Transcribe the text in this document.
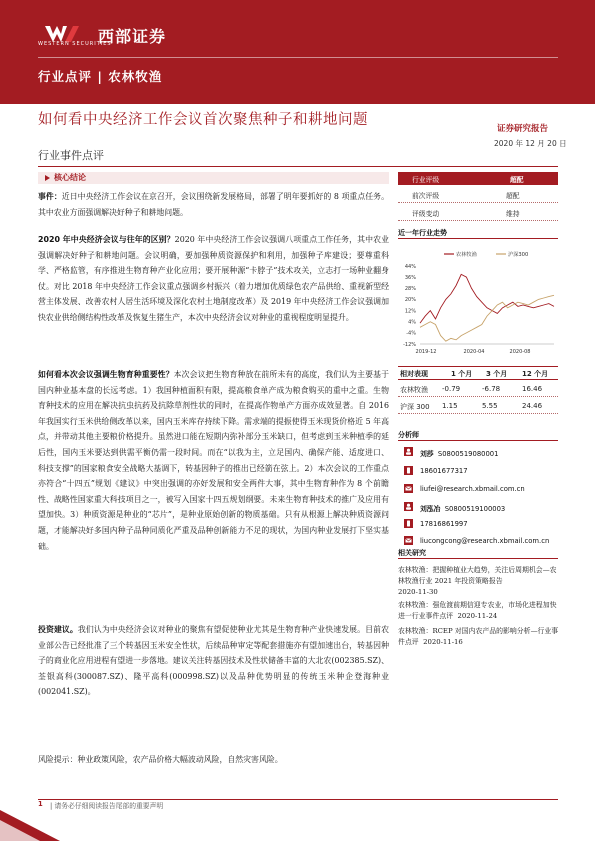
WESTERN SECURITIES
西部证券
行业点评 | 农林牧渔
如何看中央经济工作会议首次聚焦种子和耕地问题
证券研究报告
2020 年 12 月 20 日
行业事件点评
核心结论
事件：近日中央经济工作会议在京召开，会议围绕新发展格局，部署了明年要抓好的 8 项重点任务。其中农业方面强调解决好种子和耕地问题。
2020 年中央经济会议与往年的区别？2020 年中央经济工作会议强调八项重点工作任务，其中农业强调解决好种子和耕地问题。会议明确，要加强种质资源保护和利用，加强种子库建设；要尊重科学、严格监管，有序推进生物育种产业化应用；要开展种源“卡脖子”技术攻关，立志打一场种业翻身仗。对比 2018 年中央经济工作会议重点强调乡村振兴（着力增加优质绿色农产品供给、重视新型经营主体发展、改善农村人居生活环境及深化农村土地制度改革）及 2019 年中央经济工作会议强调加快农业供给侧结构性改革及恢复生猪生产，本次中央经济会议对种业的重视程度明显提升。
如何看本次会议强调生物育种重要性？本次会议把生物育种放在前所未有的高度，我们认为主要基于国内种业基本盘的长远考虑。1）我国种植面积有限，提高粮食单产成为粮食购买的重中之重。生物育种技术的应用在解决抗虫抗药及抗除草剂性状的同时，在提高作物单产方面亦成效显著。自 2016 年我国实行玉米供给侧改革以来，国内玉米库存持续下降。需求端的提振使得玉米现货价格近 5 年高点，并带动其他主要粮价格提升。虽然进口能在短期内弥补部分玉米缺口，但考虑到玉米种植季的延后性，国内玉米要达到供需平衡仍需一段时间。而在“以我为主，立足国内、确保产能、适度进口、科技支撑”的国家粮食安全战略大基调下，转基因种子的推出已经箭在弦上。2）本次会议的工作重点亦符合“十四五”规划《建议》中突出强调的亦好发展和安全两件大事，其中生物育种作为 8 个前瞻性、战略性国家重大科技项目之一，被写入国家十四五规划纲要。未来生物育种技术的推广及应用有望加快。3）种质资源是种业的“芯片”，是种业原始创新的物质基础。只有从根源上解决种质资源问题，才能解决好多国内种子品种同质化严重及品种创新能力不足的现状，为国内种业发展打下坚实基础。
投资建议。我们认为中央经济会议对种业的聚焦有望促使种业尤其是生物育种产业快速发展。目前农业部公告已经批准了三个转基因玉米安全性状，后续品种审定等配套措施亦有望加速出台，转基因种子的商业化应用进程有望进一步落地。建议关注转基因技术及性状储备丰富的大北农(002385.SZ)、荃银高科(300087.SZ)、隆平高科(000998.SZ)以及品种优势明显的传统玉米种企登海种业(002041.SZ)。
风险提示：种业政策风险，农产品价格大幅波动风险，自然灾害风险。
行业评级	超配
前次评级	超配
评级变动	维持
近一年行业走势
44%
36%
28%
20%
12%
4%
-4%
-12%
2019-12	2020-04	2020-08
农林牧渔	沪深300
相对表现	1 个月 3 个月 12 个月
农林牧渔 -0.79	-6.78	16.46
沪深 300 1.15	5.55	24.46
分析师
刘莎 S0800519080001
18601677317
liufei@research.xbmail.com.cn
刘泓冶 S0800519100003
17816861997
liucongcong@research.xbmail.com.cn
相关研究
农林牧渔：把握种植业大趋势，关注后周期机会—农林牧渔行业 2021 年投资策略报告
2020-11-30
农林牧渔：强危渡前期信迎专农业，市场化进程加快进一行业事件点评 2020-11-24
农林牧渔：RCEP 对国内农产品的影响分析—行业事件点评 2020-11-16
1 | 请务必仔细阅读报告尾部的重要声明
